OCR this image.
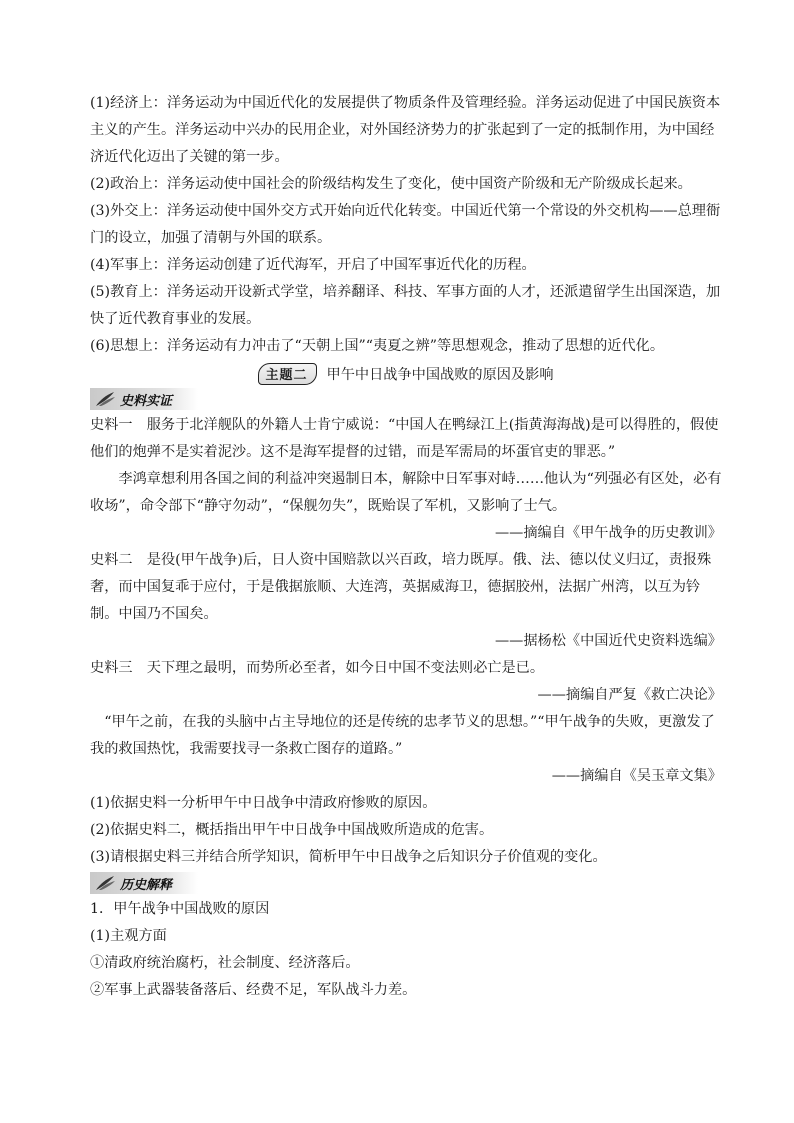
(1)经济上：洋务运动为中国近代化的发展提供了物质条件及管理经验。洋务运动促进了中国民族资本主义的产生。洋务运动中兴办的民用企业，对外国经济势力的扩张起到了一定的抵制作用，为中国经济近代化迈出了关键的第一步。

(2)政治上：洋务运动使中国社会的阶级结构发生了变化，使中国资产阶级和无产阶级成长起来。

(3)外交上：洋务运动使中国外交方式开始向近代化转变。中国近代第一个常设的外交机构——总理衙门的设立，加强了清朝与外国的联系。

(4)军事上：洋务运动创建了近代海军，开启了中国军事近代化的历程。

(5)教育上：洋务运动开设新式学堂，培养翻译、科技、军事方面的人才，还派遣留学生出国深造，加快了近代教育事业的发展。

(6)思想上：洋务运动有力冲击了“天朝上国”“夷夏之辨”等思想观念，推动了思想的近代化。

主题二	甲午中日战争中国战败的原因及影响
史料实证

史料一　服务于北洋舰队的外籍人士肯宁威说：“中国人在鸭绿江上(指黄海海战)是可以得胜的，假使他们的炮弹不是实着泥沙。这不是海军提督的过错，而是军需局的坏蛋官吏的罪恶。”

李鸿章想利用各国之间的利益冲突遏制日本，解除中日军事对峙……他认为“列强必有区处，必有收场”，命令部下“静守勿动”，“保舰勿失”，既贻误了军机，又影响了士气。

——摘编自《甲午战争的历史教训》

史料二　是役(甲午战争)后，日人资中国赔款以兴百政，培力既厚。俄、法、德以仗义归辽，责报殊奢，而中国复乖于应付，于是俄据旅顺、大连湾，英据威海卫，德据胶州，法据广州湾，以互为钤制。中国乃不国矣。

——据杨松《中国近代史资料选编》

史料三　天下理之最明，而势所必至者，如今日中国不变法则必亡是已。

——摘编自严复《救亡决论》

“甲午之前，在我的头脑中占主导地位的还是传统的忠孝节义的思想。”“甲午战争的失败，更激发了我的救国热忱，我需要找寻一条救亡图存的道路。”

——摘编自《吴玉章文集》

(1)依据史料一分析甲午中日战争中清政府惨败的原因。

(2)依据史料二，概括指出甲午中日战争中国战败所造成的危害。

(3)请根据史料三并结合所学知识，简析甲午中日战争之后知识分子价值观的变化。

历史解释

1．甲午战争中国战败的原因

(1)主观方面

①清政府统治腐朽，社会制度、经济落后。

②军事上武器装备落后、经费不足，军队战斗力差。
